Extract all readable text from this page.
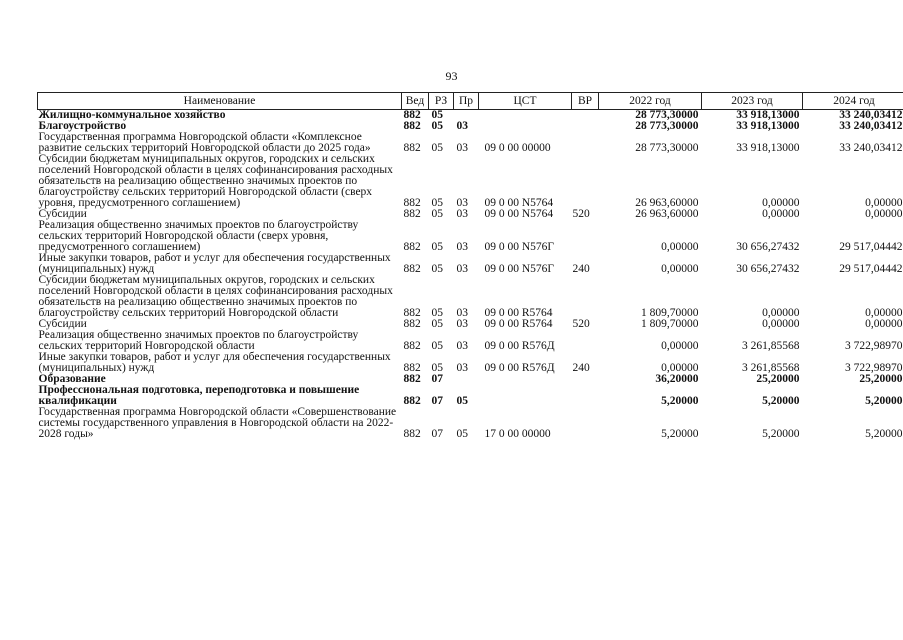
93
Наименование	Вед	РЗ	Пр	ЦСТ	ВР	2022 год	2023 год	2024 год
Жилищно-коммунальное хозяйство	882	05				28 773,30000	33 918,13000	33 240,03412
Благоустройство	882	05	03			28 773,30000	33 918,13000	33 240,03412
Государственная программа Новгородской области «Комплексное развитие сельских территорий Новгородской области до 2025 года»	882	05	03	09 0 00 00000		28 773,30000	33 918,13000	33 240,03412
Субсидии бюджетам муниципальных округов, городских и сельских поселений Новгородской области в целях софинансирования расходных обязательств на реализацию общественно значимых проектов по благоустройству сельских территорий Новгородской области (сверх уровня, предусмотренного соглашением)	882	05	03	09 0 00 N5764		26 963,60000	0,00000	0,00000
Субсидии	882	05	03	09 0 00 N5764	520	26 963,60000	0,00000	0,00000
Реализация общественно значимых проектов по благоустройству сельских территорий Новгородской области (сверх уровня, предусмотренного соглашением)	882	05	03	09 0 00 N576Г		0,00000	30 656,27432	29 517,04442
Иные закупки товаров, работ и услуг для обеспечения государственных (муниципальных) нужд	882	05	03	09 0 00 N576Г	240	0,00000	30 656,27432	29 517,04442
Субсидии бюджетам муниципальных округов, городских и сельских поселений Новгородской области в целях софинансирования расходных обязательств на реализацию общественно значимых проектов по благоустройству сельских территорий Новгородской области	882	05	03	09 0 00 R5764		1 809,70000	0,00000	0,00000
Субсидии	882	05	03	09 0 00 R5764	520	1 809,70000	0,00000	0,00000
Реализация общественно значимых проектов по благоустройству сельских территорий Новгородской области	882	05	03	09 0 00 R576Д		0,00000	3 261,85568	3 722,98970
Иные закупки товаров, работ и услуг для обеспечения государственных (муниципальных) нужд	882	05	03	09 0 00 R576Д	240	0,00000	3 261,85568	3 722,98970
Образование	882	07				36,20000	25,20000	25,20000
Профессиональная подготовка, переподготовка и повышение квалификации	882	07	05			5,20000	5,20000	5,20000
Государственная программа Новгородской области «Совершенствование системы государственного управления в Новгородской области на 2022-2028 годы»	882	07	05	17 0 00 00000		5,20000	5,20000	5,20000
